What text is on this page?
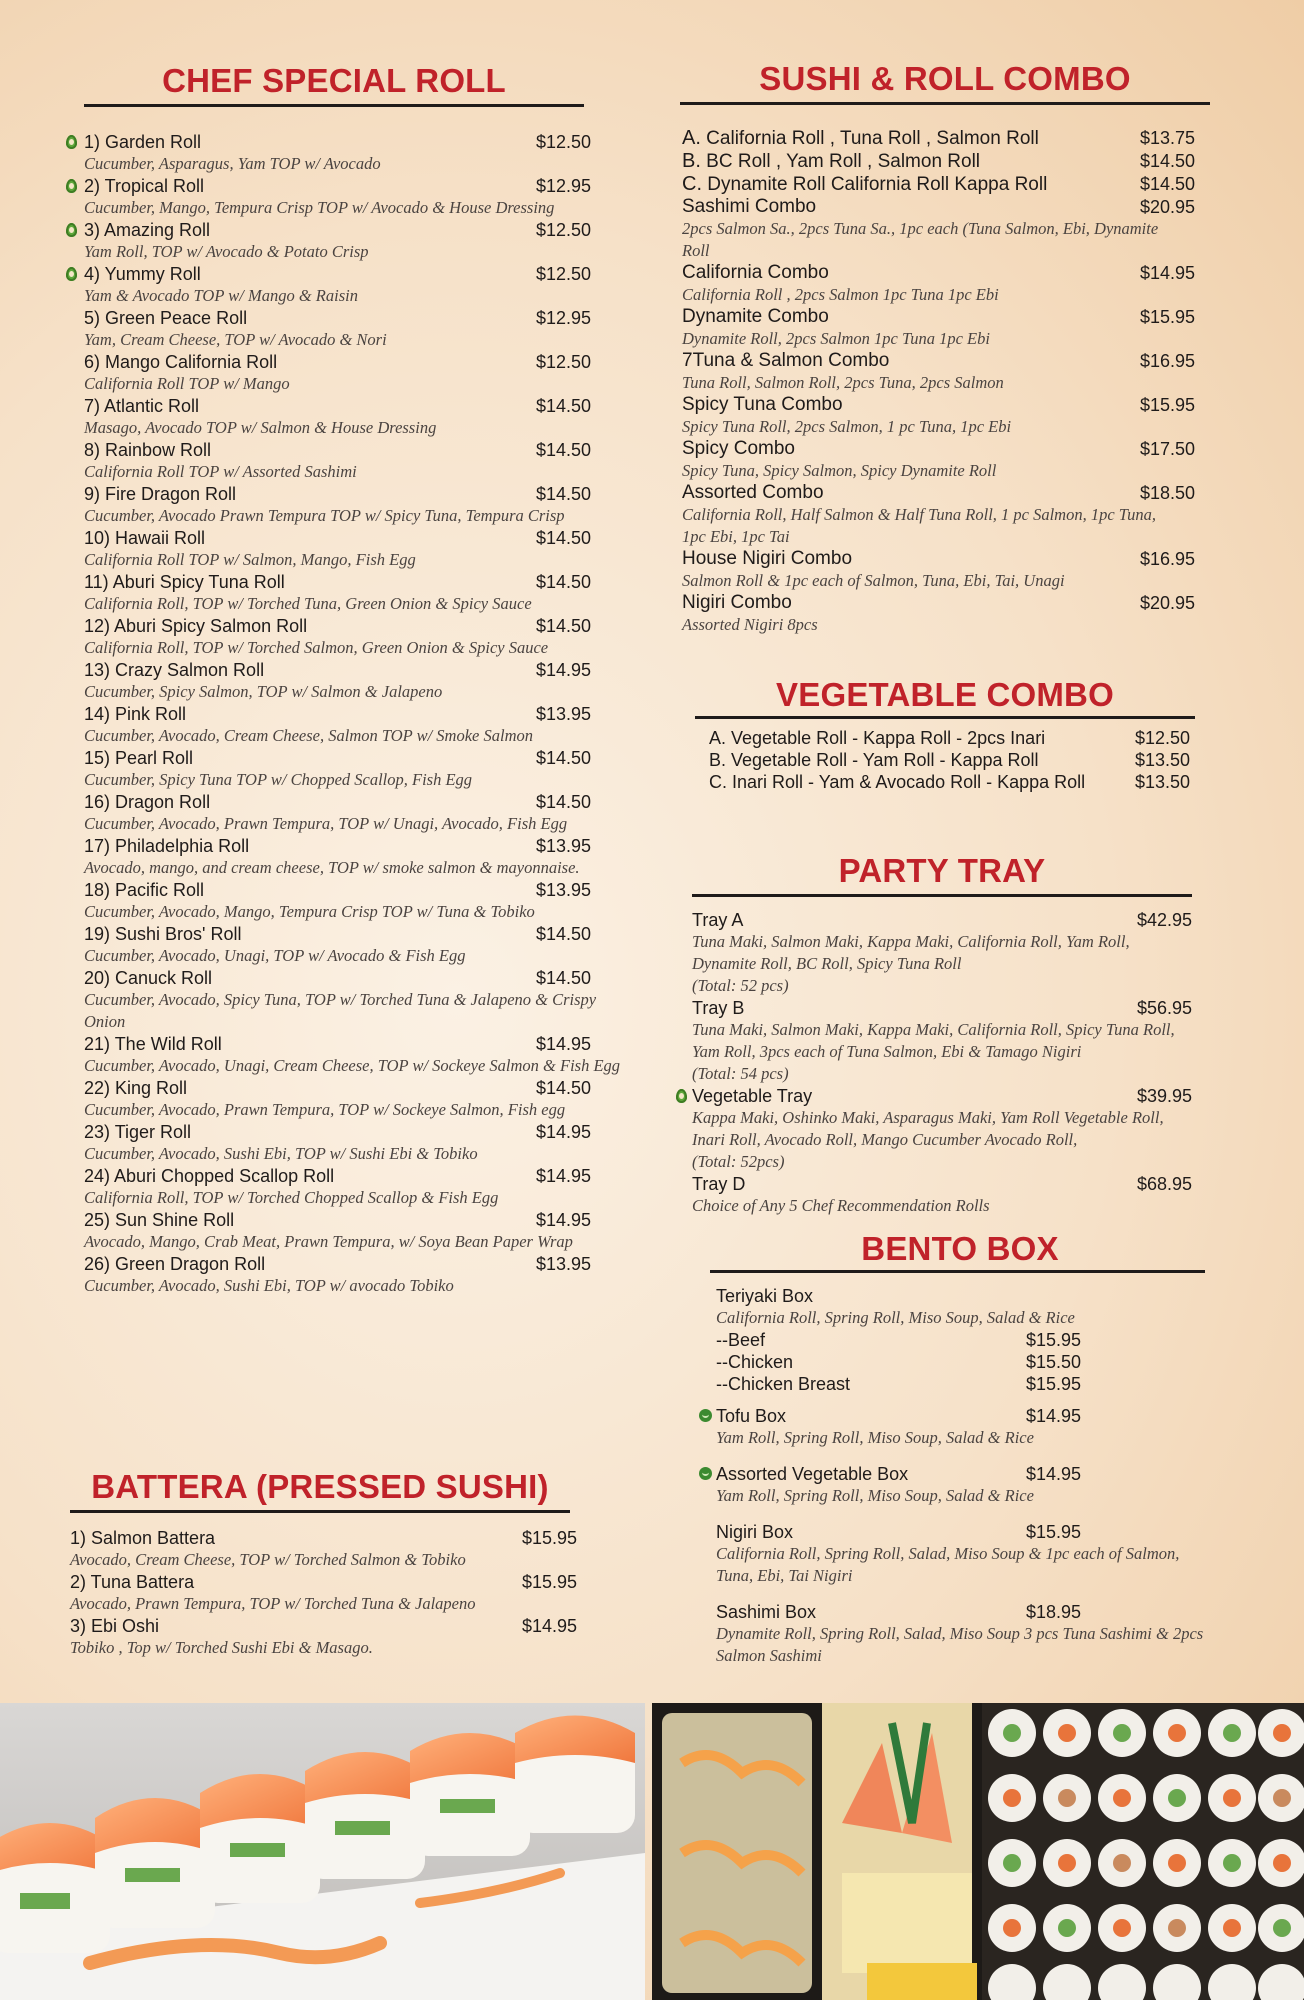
CHEF SPECIAL ROLL
1) Garden Roll	$12.50
Cucumber, Asparagus, Yam TOP w/ Avocado
2) Tropical Roll	$12.95
Cucumber, Mango, Tempura Crisp TOP w/ Avocado & House Dressing
3) Amazing Roll	$12.50
Yam Roll, TOP w/ Avocado & Potato Crisp
4) Yummy Roll	$12.50
Yam & Avocado TOP w/ Mango & Raisin
5) Green Peace Roll	$12.95
Yam, Cream Cheese, TOP w/ Avocado & Nori
6) Mango California Roll	$12.50
California Roll TOP w/ Mango
7) Atlantic Roll	$14.50
Masago, Avocado TOP w/ Salmon & House Dressing
8) Rainbow Roll	$14.50
California Roll TOP w/ Assorted Sashimi
9) Fire Dragon Roll	$14.50
Cucumber, Avocado Prawn Tempura TOP w/ Spicy Tuna, Tempura Crisp
10) Hawaii Roll	$14.50
California Roll TOP w/ Salmon, Mango, Fish Egg
11) Aburi Spicy Tuna Roll	$14.50
California Roll, TOP w/ Torched Tuna, Green Onion & Spicy Sauce
12) Aburi Spicy Salmon Roll	$14.50
California Roll, TOP w/ Torched Salmon, Green Onion & Spicy Sauce
13) Crazy Salmon Roll	$14.95
Cucumber, Spicy Salmon, TOP w/ Salmon & Jalapeno
14) Pink Roll	$13.95
Cucumber, Avocado, Cream Cheese, Salmon TOP w/ Smoke Salmon
15) Pearl Roll	$14.50
Cucumber, Spicy Tuna TOP w/ Chopped Scallop, Fish Egg
16) Dragon Roll	$14.50
Cucumber, Avocado, Prawn Tempura, TOP w/ Unagi, Avocado, Fish Egg
17) Philadelphia Roll	$13.95
Avocado, mango, and cream cheese, TOP w/ smoke salmon & mayonnaise.
18) Pacific Roll	$13.95
Cucumber, Avocado, Mango, Tempura Crisp TOP w/ Tuna & Tobiko
19) Sushi Bros' Roll	$14.50
Cucumber, Avocado, Unagi, TOP w/ Avocado & Fish Egg
20) Canuck Roll	$14.50
Cucumber, Avocado, Spicy Tuna, TOP w/ Torched Tuna & Jalapeno & Crispy Onion
21) The Wild Roll	$14.95
Cucumber, Avocado, Unagi, Cream Cheese, TOP w/ Sockeye Salmon & Fish Egg
22) King Roll	$14.50
Cucumber, Avocado, Prawn Tempura, TOP w/ Sockeye Salmon, Fish egg
23) Tiger Roll	$14.95
Cucumber, Avocado, Sushi Ebi, TOP w/ Sushi Ebi & Tobiko
24) Aburi Chopped Scallop Roll	$14.95
California Roll, TOP w/ Torched Chopped Scallop & Fish Egg
25) Sun Shine Roll	$14.95
Avocado, Mango, Crab Meat, Prawn Tempura, w/ Soya Bean Paper Wrap
26) Green Dragon Roll	$13.95
Cucumber, Avocado, Sushi Ebi, TOP w/ avocado Tobiko
BATTERA (PRESSED SUSHI)
1) Salmon Battera	$15.95
Avocado, Cream Cheese, TOP w/ Torched Salmon & Tobiko
2) Tuna Battera	$15.95
Avocado, Prawn Tempura, TOP w/ Torched Tuna & Jalapeno
3) Ebi Oshi	$14.95
Tobiko , Top w/ Torched Sushi Ebi & Masago.
SUSHI & ROLL COMBO
A. California Roll , Tuna Roll , Salmon Roll	$13.75
B. BC Roll , Yam Roll , Salmon Roll	$14.50
C. Dynamite Roll California Roll Kappa Roll	$14.50
Sashimi Combo	$20.95
2pcs Salmon Sa., 2pcs Tuna Sa., 1pc each (Tuna Salmon, Ebi, Dynamite Roll
California Combo	$14.95
California Roll , 2pcs Salmon 1pc Tuna 1pc Ebi
Dynamite Combo	$15.95
Dynamite Roll, 2pcs Salmon 1pc Tuna 1pc Ebi
7Tuna & Salmon Combo	$16.95
Tuna Roll, Salmon Roll, 2pcs Tuna, 2pcs Salmon
Spicy Tuna Combo	$15.95
Spicy Tuna Roll, 2pcs Salmon, 1 pc Tuna, 1pc Ebi
Spicy Combo	$17.50
Spicy Tuna, Spicy Salmon, Spicy Dynamite Roll
Assorted Combo	$18.50
California Roll, Half Salmon & Half Tuna Roll, 1 pc Salmon, 1pc Tuna, 1pc Ebi, 1pc Tai
House Nigiri Combo	$16.95
Salmon Roll & 1pc each of Salmon, Tuna, Ebi, Tai, Unagi
Nigiri Combo	$20.95
Assorted Nigiri 8pcs
VEGETABLE COMBO
A. Vegetable Roll - Kappa Roll - 2pcs Inari	$12.50
B. Vegetable Roll - Yam Roll - Kappa Roll	$13.50
C. Inari Roll - Yam & Avocado Roll - Kappa Roll	$13.50
PARTY TRAY
Tray A	$42.95
Tuna Maki, Salmon Maki, Kappa Maki, California Roll, Yam Roll, Dynamite Roll, BC Roll, Spicy Tuna Roll
(Total: 52 pcs)
Tray B	$56.95
Tuna Maki, Salmon Maki, Kappa Maki, California Roll, Spicy Tuna Roll, Yam Roll, 3pcs each of Tuna Salmon, Ebi & Tamago Nigiri
(Total: 54 pcs)
Vegetable Tray	$39.95
Kappa Maki, Oshinko Maki, Asparagus Maki, Yam Roll Vegetable Roll, Inari Roll, Avocado Roll, Mango Cucumber Avocado Roll,
(Total: 52pcs)
Tray D	$68.95
Choice of Any 5 Chef Recommendation Rolls
BENTO BOX
Teriyaki Box
California Roll, Spring Roll, Miso Soup, Salad & Rice
--Beef	$15.95
--Chicken	$15.50
--Chicken Breast	$15.95
Tofu Box	$14.95
Yam Roll, Spring Roll, Miso Soup, Salad & Rice
Assorted Vegetable Box	$14.95
Yam Roll, Spring Roll, Miso Soup, Salad & Rice
Nigiri Box	$15.95
California Roll, Spring Roll, Salad, Miso Soup & 1pc each of Salmon, Tuna, Ebi, Tai Nigiri
Sashimi Box	$18.95
Dynamite Roll, Spring Roll, Salad, Miso Soup 3 pcs Tuna Sashimi & 2pcs Salmon Sashimi
